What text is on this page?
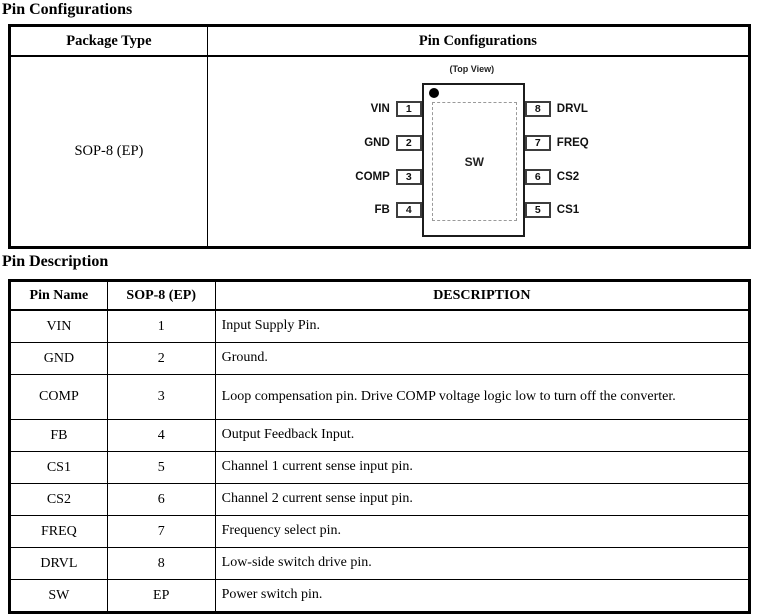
Pin Configurations
Package Type	Pin Configurations
SOP-8 (EP)	
(Top View)
SW
VIN	1
GND	2
COMP	3
FB	4
8	DRVL
7	FREQ
6	CS2
5	CS1
Pin Description
Pin Name	SOP-8 (EP)	DESCRIPTION
VIN	1	Input Supply Pin.

GND	2	Ground.

COMP	3	Loop compensation pin. Drive COMP voltage logic low to turn off the converter.

FB	4	Output Feedback Input.

CS1	5	Channel 1 current sense input pin.

CS2	6	Channel 2 current sense input pin.

FREQ	7	Frequency select pin.

DRVL	8	Low-side switch drive pin.

SW	EP	Power switch pin.
